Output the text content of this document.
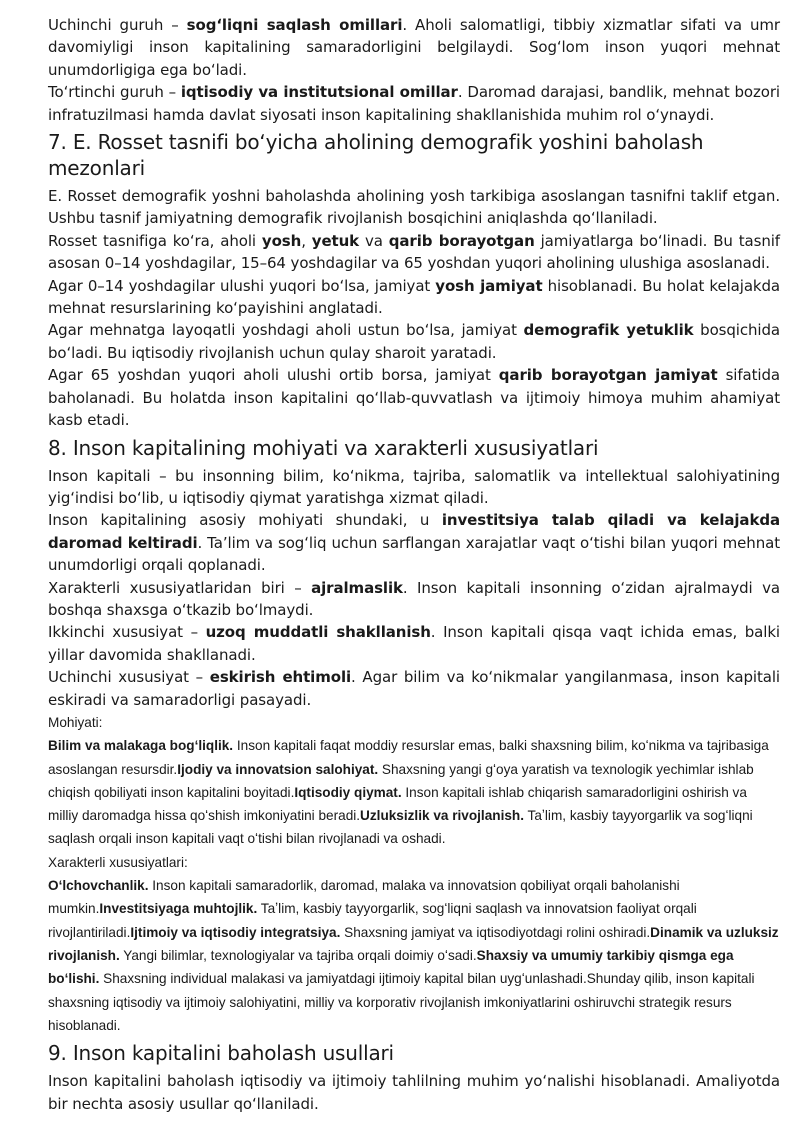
Uchinchi guruh – sogʻliqni saqlash omillari. Aholi salomatligi, tibbiy xizmatlar sifati va umr davomiyligi inson kapitalining samaradorligini belgilaydi. Sogʻlom inson yuqori mehnat unumdorligiga ega boʻladi.

Toʻrtinchi guruh – iqtisodiy va institutsional omillar. Daromad darajasi, bandlik, mehnat bozori infratuzilmasi hamda davlat siyosati inson kapitalining shakllanishida muhim rol oʻynaydi.

7. E. Rosset tasnifi boʻyicha aholining demografik yoshini baholash mezonlari

E. Rosset demografik yoshni baholashda aholining yosh tarkibiga asoslangan tasnifni taklif etgan. Ushbu tasnif jamiyatning demografik rivojlanish bosqichini aniqlashda qoʻllaniladi.

Rosset tasnifiga koʻra, aholi yosh, yetuk va qarib borayotgan jamiyatlarga boʻlinadi. Bu tasnif asosan 0–14 yoshdagilar, 15–64 yoshdagilar va 65 yoshdan yuqori aholining ulushiga asoslanadi.

Agar 0–14 yoshdagilar ulushi yuqori boʻlsa, jamiyat yosh jamiyat hisoblanadi. Bu holat kelajakda mehnat resurslarining koʻpayishini anglatadi.

Agar mehnatga layoqatli yoshdagi aholi ustun boʻlsa, jamiyat demografik yetuklik bosqichida boʻladi. Bu iqtisodiy rivojlanish uchun qulay sharoit yaratadi.

Agar 65 yoshdan yuqori aholi ulushi ortib borsa, jamiyat qarib borayotgan jamiyat sifatida baholanadi. Bu holatda inson kapitalini qoʻllab-quvvatlash va ijtimoiy himoya muhim ahamiyat kasb etadi.

8. Inson kapitalining mohiyati va xarakterli xususiyatlari

Inson kapitali – bu insonning bilim, koʻnikma, tajriba, salomatlik va intellektual salohiyatining yigʻindisi boʻlib, u iqtisodiy qiymat yaratishga xizmat qiladi.

Inson kapitalining asosiy mohiyati shundaki, u investitsiya talab qiladi va kelajakda daromad keltiradi. Taʼlim va sogʻliq uchun sarflangan xarajatlar vaqt oʻtishi bilan yuqori mehnat unumdorligi orqali qoplanadi.

Xarakterli xususiyatlaridan biri – ajralmaslik. Inson kapitali insonning oʻzidan ajralmaydi va boshqa shaxsga oʻtkazib boʻlmaydi.

Ikkinchi xususiyat – uzoq muddatli shakllanish. Inson kapitali qisqa vaqt ichida emas, balki yillar davomida shakllanadi.

Uchinchi xususiyat – eskirish ehtimoli. Agar bilim va koʻnikmalar yangilanmasa, inson kapitali eskiradi va samaradorligi pasayadi.

Mohiyati:

Bilim va malakaga bogʻliqlik. Inson kapitali faqat moddiy resurslar emas, balki shaxsning bilim, koʻnikma va tajribasiga asoslangan resursdir.Ijodiy va innovatsion salohiyat. Shaxsning yangi gʻoya yaratish va texnologik yechimlar ishlab chiqish qobiliyati inson kapitalini boyitadi.Iqtisodiy qiymat. Inson kapitali ishlab chiqarish samaradorligini oshirish va milliy daromadga hissa qoʻshish imkoniyatini beradi.Uzluksizlik va rivojlanish. Taʼlim, kasbiy tayyorgarlik va sogʻliqni saqlash orqali inson kapitali vaqt oʻtishi bilan rivojlanadi va oshadi.

Xarakterli xususiyatlari:

Oʻlchovchanlik. Inson kapitali samaradorlik, daromad, malaka va innovatsion qobiliyat orqali baholanishi mumkin.Investitsiyaga muhtojlik. Taʼlim, kasbiy tayyorgarlik, sogʻliqni saqlash va innovatsion faoliyat orqali rivojlantiriladi.Ijtimoiy va iqtisodiy integratsiya. Shaxsning jamiyat va iqtisodiyotdagi rolini oshiradi.Dinamik va uzluksiz rivojlanish. Yangi bilimlar, texnologiyalar va tajriba orqali doimiy oʻsadi.Shaxsiy va umumiy tarkibiy qismga ega boʻlishi. Shaxsning individual malakasi va jamiyatdagi ijtimoiy kapital bilan uygʻunlashadi.Shunday qilib, inson kapitali shaxsning iqtisodiy va ijtimoiy salohiyatini, milliy va korporativ rivojlanish imkoniyatlarini oshiruvchi strategik resurs hisoblanadi.

9. Inson kapitalini baholash usullari

Inson kapitalini baholash iqtisodiy va ijtimoiy tahlilning muhim yoʻnalishi hisoblanadi. Amaliyotda bir nechta asosiy usullar qoʻllaniladi.
